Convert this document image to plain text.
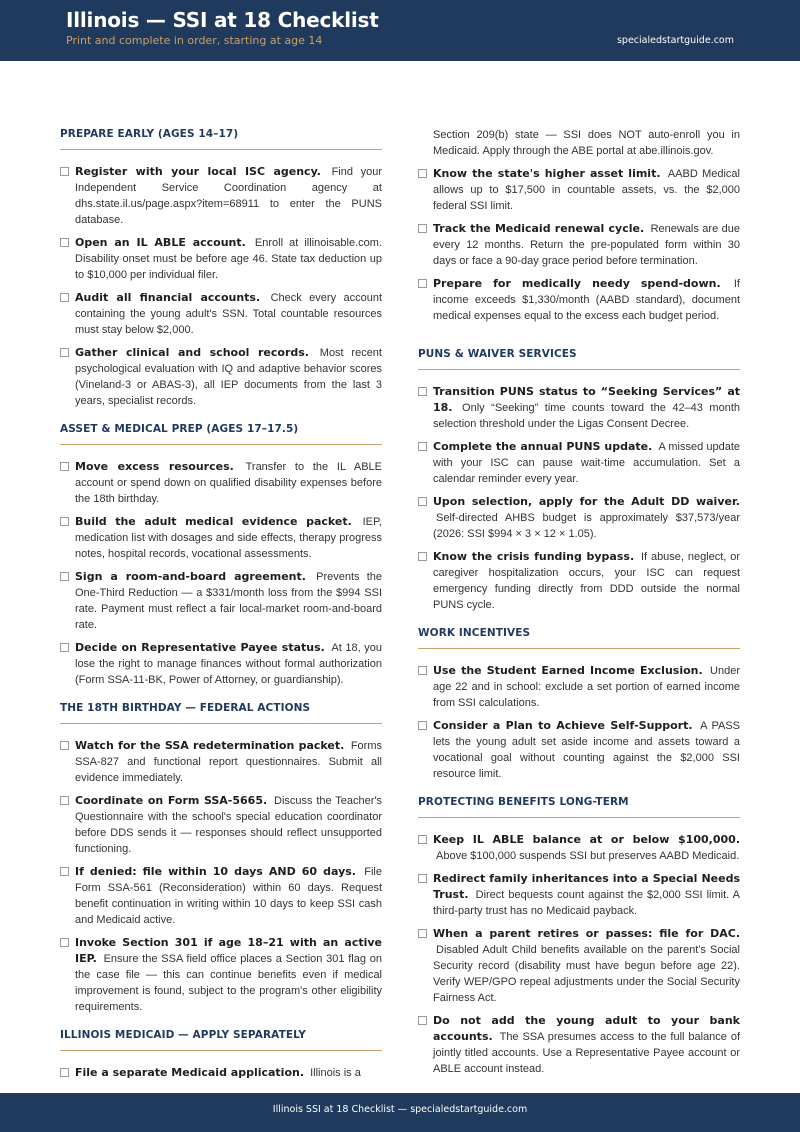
Illinois — SSI at 18 Checklist
Print and complete in order, starting at age 14	specialedstartguide.com
PREPARE EARLY (AGES 14–17)
Register with your local ISC agency. Find your Independent Service Coordination agency at dhs.state.il.us/page.aspx?item=68911 to enter the PUNS database.
Open an IL ABLE account. Enroll at illinoisable.com. Disability onset must be before age 46. State tax deduction up to $10,000 per individual filer.
Audit all financial accounts. Check every account containing the young adult's SSN. Total countable resources must stay below $2,000.
Gather clinical and school records. Most recent psychological evaluation with IQ and adaptive behavior scores (Vineland-3 or ABAS-3), all IEP documents from the last 3 years, specialist records.
ASSET & MEDICAL PREP (AGES 17–17.5)
Move excess resources. Transfer to the IL ABLE account or spend down on qualified disability expenses before the 18th birthday.
Build the adult medical evidence packet. IEP, medication list with dosages and side effects, therapy progress notes, hospital records, vocational assessments.
Sign a room-and-board agreement. Prevents the One-Third Reduction — a $331/month loss from the $994 SSI rate. Payment must reflect a fair local-market room-and-board rate.
Decide on Representative Payee status. At 18, you lose the right to manage finances without formal authorization (Form SSA-11-BK, Power of Attorney, or guardianship).
THE 18TH BIRTHDAY — FEDERAL ACTIONS
Watch for the SSA redetermination packet. Forms SSA-827 and functional report questionnaires. Submit all evidence immediately.
Coordinate on Form SSA-5665. Discuss the Teacher's Questionnaire with the school's special education coordinator before DDS sends it — responses should reflect unsupported functioning.
If denied: file within 10 days AND 60 days. File Form SSA-561 (Reconsideration) within 60 days. Request benefit continuation in writing within 10 days to keep SSI cash and Medicaid active.
Invoke Section 301 if age 18–21 with an active IEP. Ensure the SSA field office places a Section 301 flag on the case file — this can continue benefits even if medical improvement is found, subject to the program's other eligibility requirements.
ILLINOIS MEDICAID — APPLY SEPARATELY
File a separate Medicaid application. Illinois is a
Section 209(b) state — SSI does NOT auto-enroll you in Medicaid. Apply through the ABE portal at abe.illinois.gov.
Know the state's higher asset limit. AABD Medical allows up to $17,500 in countable assets, vs. the $2,000 federal SSI limit.
Track the Medicaid renewal cycle. Renewals are due every 12 months. Return the pre-populated form within 30 days or face a 90-day grace period before termination.
Prepare for medically needy spend-down. If income exceeds $1,330/month (AABD standard), document medical expenses equal to the excess each budget period.
PUNS & WAIVER SERVICES
Transition PUNS status to “Seeking Services” at 18. Only “Seeking” time counts toward the 42–43 month selection threshold under the Ligas Consent Decree.
Complete the annual PUNS update. A missed update with your ISC can pause wait-time accumulation. Set a calendar reminder every year.
Upon selection, apply for the Adult DD waiver. Self-directed AHBS budget is approximately $37,573/year (2026: SSI $994 × 3 × 12 × 1.05).
Know the crisis funding bypass. If abuse, neglect, or caregiver hospitalization occurs, your ISC can request emergency funding directly from DDD outside the normal PUNS cycle.
WORK INCENTIVES
Use the Student Earned Income Exclusion. Under age 22 and in school: exclude a set portion of earned income from SSI calculations.
Consider a Plan to Achieve Self-Support. A PASS lets the young adult set aside income and assets toward a vocational goal without counting against the $2,000 SSI resource limit.
PROTECTING BENEFITS LONG-TERM
Keep IL ABLE balance at or below $100,000. Above $100,000 suspends SSI but preserves AABD Medicaid.
Redirect family inheritances into a Special Needs Trust. Direct bequests count against the $2,000 SSI limit. A third-party trust has no Medicaid payback.
When a parent retires or passes: file for DAC. Disabled Adult Child benefits available on the parent's Social Security record (disability must have begun before age 22). Verify WEP/GPO repeal adjustments under the Social Security Fairness Act.
Do not add the young adult to your bank accounts. The SSA presumes access to the full balance of jointly titled accounts. Use a Representative Payee account or ABLE account instead.
Illinois SSI at 18 Checklist — specialedstartguide.com
